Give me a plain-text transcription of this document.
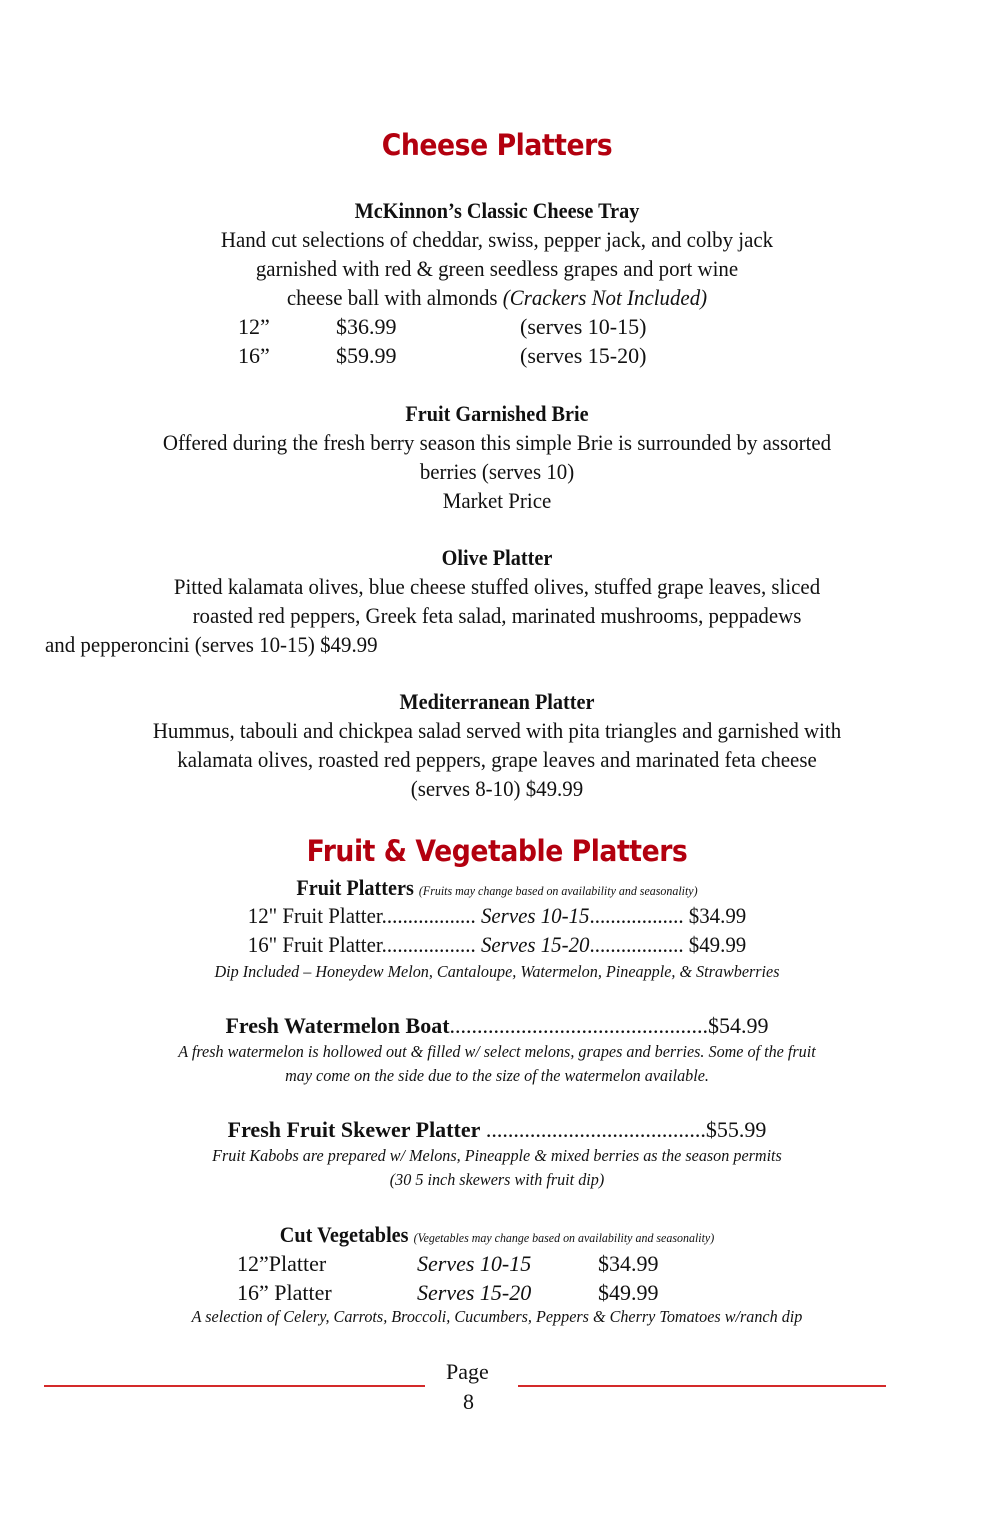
Cheese Platters
McKinnon’s Classic Cheese Tray
Hand cut selections of cheddar, swiss, pepper jack, and colby jack
garnished with red & green seedless grapes and port wine
cheese ball with almonds (Crackers Not Included)
12”	$36.99	(serves 10-15)
16”	$59.99	(serves 15-20)
Fruit Garnished Brie
Offered during the fresh berry season this simple Brie is surrounded by assorted
berries (serves 10)
Market Price
Olive Platter
Pitted kalamata olives, blue cheese stuffed olives, stuffed grape leaves, sliced
roasted red peppers, Greek feta salad, marinated mushrooms, peppadews
and pepperoncini (serves 10-15) $49.99
Mediterranean Platter
Hummus, tabouli and chickpea salad served with pita triangles and garnished with
kalamata olives, roasted red peppers, grape leaves and marinated feta cheese
(serves 8-10) $49.99
Fruit & Vegetable Platters
Fruit Platters (Fruits may change based on availability and seasonality)
12" Fruit Platter.................. Serves 10-15.................. $34.99
16" Fruit Platter.................. Serves 15-20.................. $49.99
Dip Included – Honeydew Melon, Cantaloupe, Watermelon, Pineapple, & Strawberries
Fresh Watermelon Boat...............................................$54.99
A fresh watermelon is hollowed out & filled w/ select melons, grapes and berries. Some of the fruit
may come on the side due to the size of the watermelon available.
Fresh Fruit Skewer Platter ........................................$55.99
Fruit Kabobs are prepared w/ Melons, Pineapple & mixed berries as the season permits
(30 5 inch skewers with fruit dip)
Cut Vegetables (Vegetables may change based on availability and seasonality)
12”Platter	Serves 10-15	$34.99
16” Platter	Serves 15-20	$49.99
A selection of Celery, Carrots, Broccoli, Cucumbers, Peppers & Cherry Tomatoes w/ranch dip
Page
8
